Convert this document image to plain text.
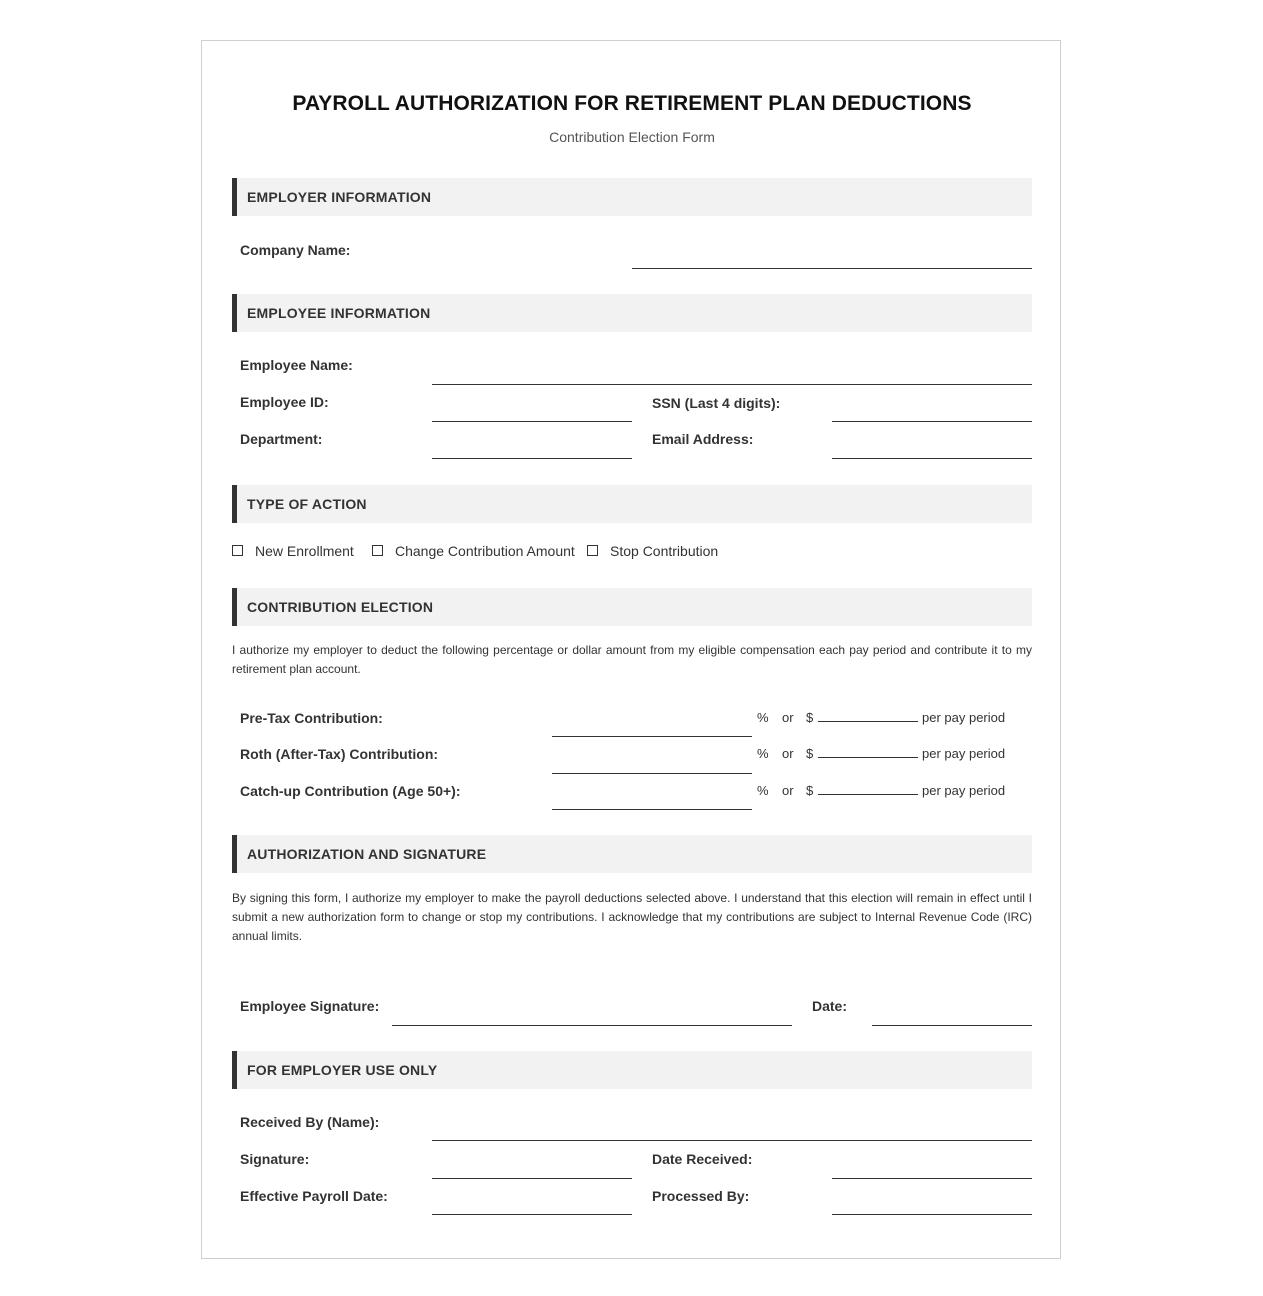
PAYROLL AUTHORIZATION FOR RETIREMENT PLAN DEDUCTIONS
Contribution Election Form
EMPLOYER INFORMATION
Company Name:
EMPLOYEE INFORMATION
Employee Name:
Employee ID:	SSN (Last 4 digits):
Department:	Email Address:
TYPE OF ACTION
New Enrollment	Change Contribution Amount	Stop Contribution
CONTRIBUTION ELECTION
I authorize my employer to deduct the following percentage or dollar amount from my eligible compensation each pay period and contribute it to my retirement plan account.
Pre-Tax Contribution:	% or $	per pay period
Roth (After-Tax) Contribution:	% or $	per pay period
Catch-up Contribution (Age 50+):	% or $	per pay period
AUTHORIZATION AND SIGNATURE
By signing this form, I authorize my employer to make the payroll deductions selected above. I understand that this election will remain in effect until I submit a new authorization form to change or stop my contributions. I acknowledge that my contributions are subject to Internal Revenue Code (IRC) annual limits.
Employee Signature:	Date:
FOR EMPLOYER USE ONLY
Received By (Name):
Signature:	Date Received:
Effective Payroll Date:	Processed By:
